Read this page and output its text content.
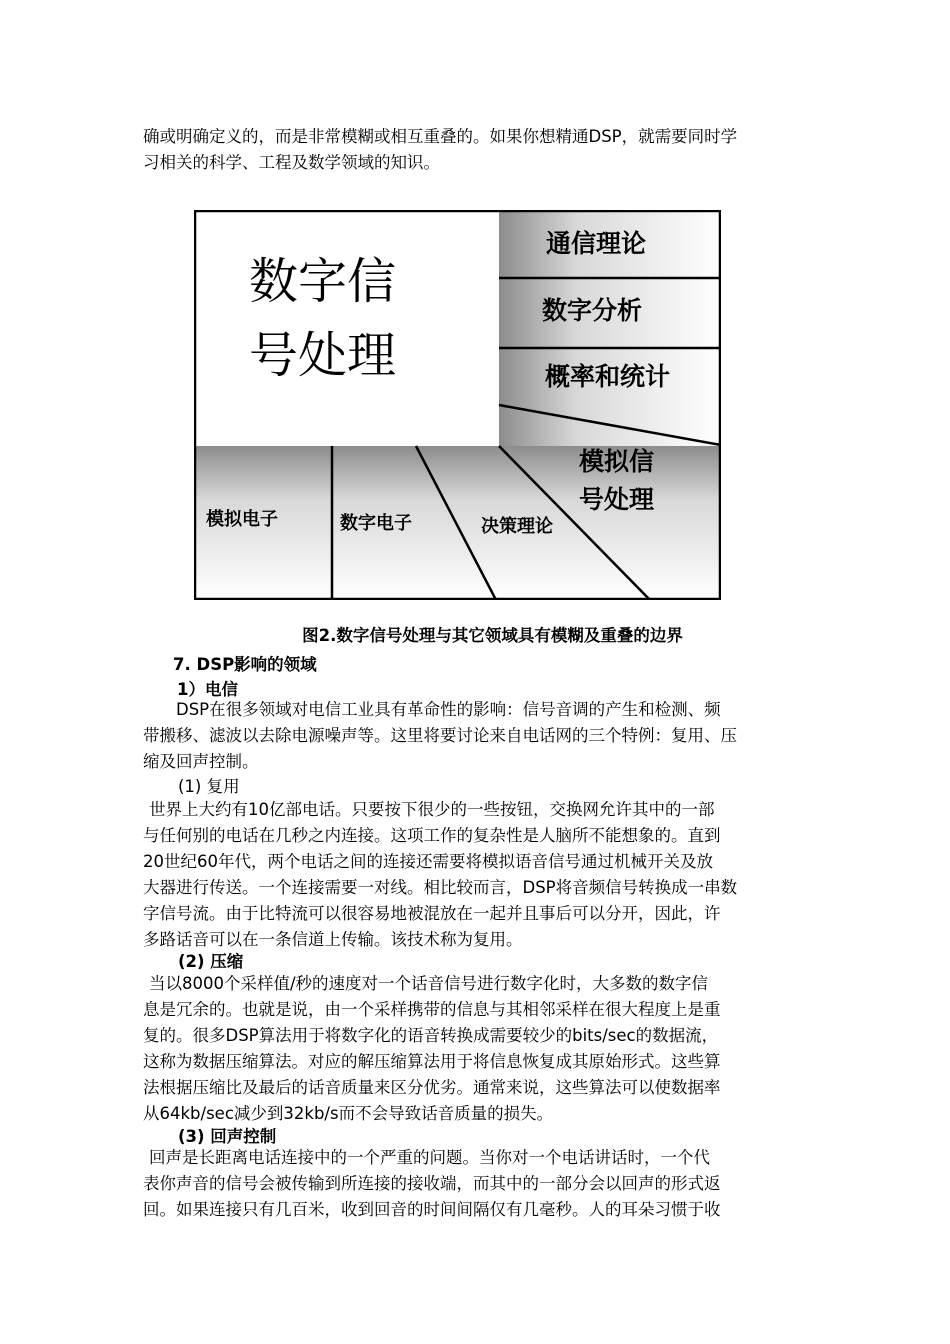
确或明确定义的，而是非常模糊或相互重叠的。如果你想精通DSP，就需要同时学
习相关的科学、工程及数学领域的知识。

数字信
号处理
通信理论
数字分析
概率和统计
模拟信
号处理
模拟电子	数字电子	决策理论
图2.数字信号处理与其它领域具有模糊及重叠的边界
7. DSP影响的领域
1）电信

DSP在很多领域对电信工业具有革命性的影响：信号音调的产生和检测、频
带搬移、滤波以去除电源噪声等。这里将要讨论来自电话网的三个特例：复用、压
缩及回声控制。

(1) 复用

世界上大约有10亿部电话。只要按下很少的一些按钮，交换网允许其中的一部
与任何别的电话在几秒之内连接。这项工作的复杂性是人脑所不能想象的。直到
20世纪60年代，两个电话之间的连接还需要将模拟语音信号通过机械开关及放
大器进行传送。一个连接需要一对线。相比较而言，DSP将音频信号转换成一串数
字信号流。由于比特流可以很容易地被混放在一起并且事后可以分开，因此，许
多路话音可以在一条信道上传输。该技术称为复用。

(2) 压缩

当以8000个采样值/秒的速度对一个话音信号进行数字化时，大多数的数字信
息是冗余的。也就是说，由一个采样携带的信息与其相邻采样在很大程度上是重
复的。很多DSP算法用于将数字化的语音转换成需要较少的bits/sec的数据流，
这称为数据压缩算法。对应的解压缩算法用于将信息恢复成其原始形式。这些算
法根据压缩比及最后的话音质量来区分优劣。通常来说，这些算法可以使数据率
从64kb/sec减少到32kb/s而不会导致话音质量的损失。

(3) 回声控制

回声是长距离电话连接中的一个严重的问题。当你对一个电话讲话时，一个代
表你声音的信号会被传输到所连接的接收端，而其中的一部分会以回声的形式返
回。如果连接只有几百米，收到回音的时间间隔仅有几毫秒。人的耳朵习惯于收
